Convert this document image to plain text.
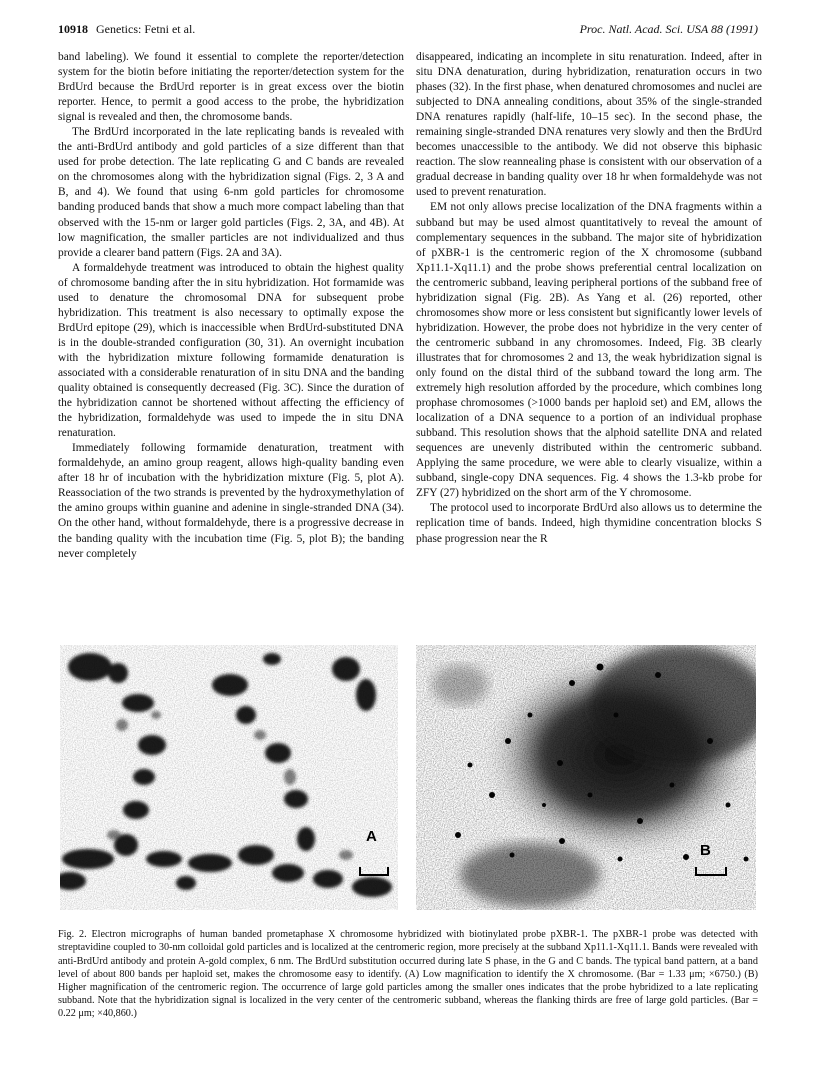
10918 Genetics: Fetni et al.	Proc. Natl. Acad. Sci. USA 88 (1991)

band labeling). We found it essential to complete the reporter/detection system for the biotin before initiating the reporter/detection system for the BrdUrd because the BrdUrd reporter is in great excess over the biotin reporter. Hence, to permit a good access to the probe, the hybridization signal is revealed and then, the chromosome bands.

The BrdUrd incorporated in the late replicating bands is revealed with the anti-BrdUrd antibody and gold particles of a size different than that used for probe detection. The late replicating G and C bands are revealed on the chromosomes along with the hybridization signal (Figs. 2, 3 A and B, and 4). We found that using 6-nm gold particles for chromosome banding produced bands that show a much more compact labeling than that observed with the 15-nm or larger gold particles (Figs. 2, 3A, and 4B). At low magnification, the smaller particles are not individualized and thus provide a clearer band pattern (Figs. 2A and 3A).

A formaldehyde treatment was introduced to obtain the highest quality of chromosome banding after the in situ hybridization. Hot formamide was used to denature the chromosomal DNA for subsequent probe hybridization. This treatment is also necessary to optimally expose the BrdUrd epitope (29), which is inaccessible when BrdUrd-substituted DNA is in the double-stranded configuration (30, 31). An overnight incubation with the hybridization mixture following formamide denaturation is associated with a considerable renaturation of in situ DNA and the banding quality obtained is consequently decreased (Fig. 3C). Since the duration of the hybridization cannot be shortened without affecting the efficiency of the hybridization, formaldehyde was used to impede the in situ DNA renaturation.

Immediately following formamide denaturation, treatment with formaldehyde, an amino group reagent, allows high-quality banding even after 18 hr of incubation with the hybridization mixture (Fig. 5, plot A). Reassociation of the two strands is prevented by the hydroxymethylation of the amino groups within guanine and adenine in single-stranded DNA (34). On the other hand, without formaldehyde, there is a progressive decrease in the banding quality with the incubation time (Fig. 5, plot B); the banding never completely

disappeared, indicating an incomplete in situ renaturation. Indeed, after in situ DNA denaturation, during hybridization, renaturation occurs in two phases (32). In the first phase, when denatured chromosomes and nuclei are subjected to DNA annealing conditions, about 35% of the single-stranded DNA renatures rapidly (half-life, 10–15 sec). In the second phase, the remaining single-stranded DNA renatures very slowly and then the BrdUrd becomes unaccessible to the antibody. We did not observe this biphasic reaction. The slow reannealing phase is consistent with our observation of a gradual decrease in banding quality over 18 hr when formaldehyde was not used to prevent renaturation.

EM not only allows precise localization of the DNA fragments within a subband but may be used almost quantitatively to reveal the amount of complementary sequences in the subband. The major site of hybridization of pXBR-1 is the centromeric region of the X chromosome (subband Xp11.1-Xq11.1) and the probe shows preferential central localization on the centromeric subband, leaving peripheral portions of the subband free of hybridization signal (Fig. 2B). As Yang et al. (26) reported, other chromosomes show more or less consistent but significantly lower levels of hybridization. However, the probe does not hybridize in the very center of the centromeric subband in any chromosomes. Indeed, Fig. 3B clearly illustrates that for chromosomes 2 and 13, the weak hybridization signal is only found on the distal third of the subband toward the long arm. The extremely high resolution afforded by the procedure, which combines long prophase chromosomes (>1000 bands per haploid set) and EM, allows the localization of a DNA sequence to a portion of an individual prophase subband. This resolution shows that the alphoid satellite DNA and related sequences are unevenly distributed within the centromeric subband. Applying the same procedure, we were able to clearly visualize, within a subband, single-copy DNA sequences. Fig. 4 shows the 1.3-kb probe for ZFY (27) hybridized on the short arm of the Y chromosome.

The protocol used to incorporate BrdUrd also allows us to determine the replication time of bands. Indeed, high thymidine concentration blocks S phase progression near the R

A
B

Fig. 2. Electron micrographs of human banded prometaphase X chromosome hybridized with biotinylated probe pXBR-1. The pXBR-1 probe was detected with streptavidine coupled to 30-nm colloidal gold particles and is localized at the centromeric region, more precisely at the subband Xp11.1-Xq11.1. Bands were revealed with anti-BrdUrd antibody and protein A-gold complex, 6 nm. The BrdUrd substitution occurred during late S phase, in the G and C bands. The typical band pattern, at a band level of about 800 bands per haploid set, makes the chromosome easy to identify. (A) Low magnification to identify the X chromosome. (Bar = 1.33 μm; ×6750.) (B) Higher magnification of the centromeric region. The occurrence of large gold particles among the smaller ones indicates that the probe hybridized to a late replicating subband. Note that the hybridization signal is localized in the very center of the centromeric subband, whereas the flanking thirds are free of large gold particles. (Bar = 0.22 μm; ×40,860.)
